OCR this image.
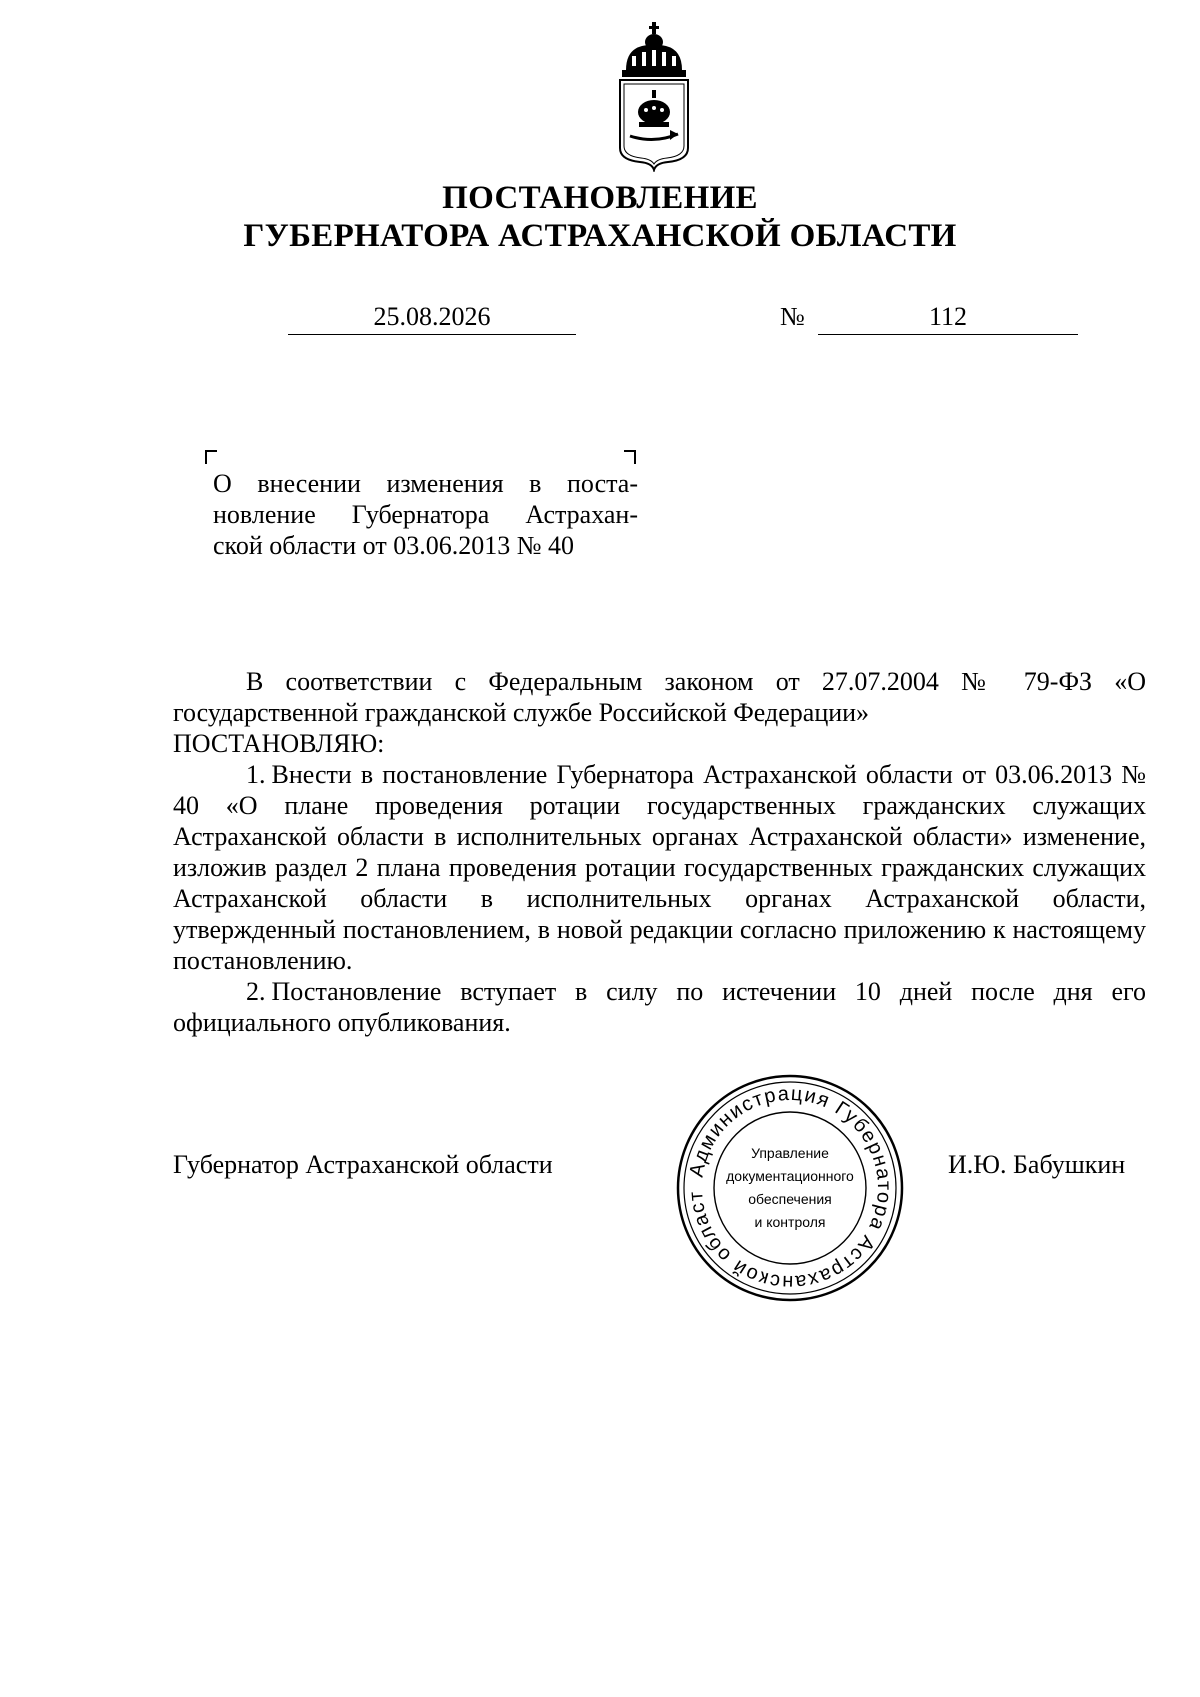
ПОСТАНОВЛЕНИЕ
ГУБЕРНАТОРА АСТРАХАНСКОЙ ОБЛАСТИ
25.08.2026	№	112
О внесении изменения в поста-
новление Губернатора Астрахан-
ской области от 03.06.2013 № 40

В соответствии с Федеральным законом от 27.07.2004 № 79-ФЗ «О государственной гражданской службе Российской Федерации»

ПОСТАНОВЛЯЮ:

1. Внести в постановление Губернатора Астраханской области от 03.06.2013 № 40 «О плане проведения ротации государственных гражданских служащих Астраханской области в исполнительных органах Астраханской области» изменение, изложив раздел 2 плана проведения ротации государственных гражданских служащих Астраханской области в исполнительных органах Астраханской области, утвержденный постановлением, в новой редакции согласно приложению к настоящему постановлению.

2. Постановление вступает в силу по истечении 10 дней после дня его официального опубликования.

Губернатор Астраханской области	И.Ю. Бабушкин
Администрация Губернатора Астраханской област
Управление
документационного
обеспечения
и контроля
